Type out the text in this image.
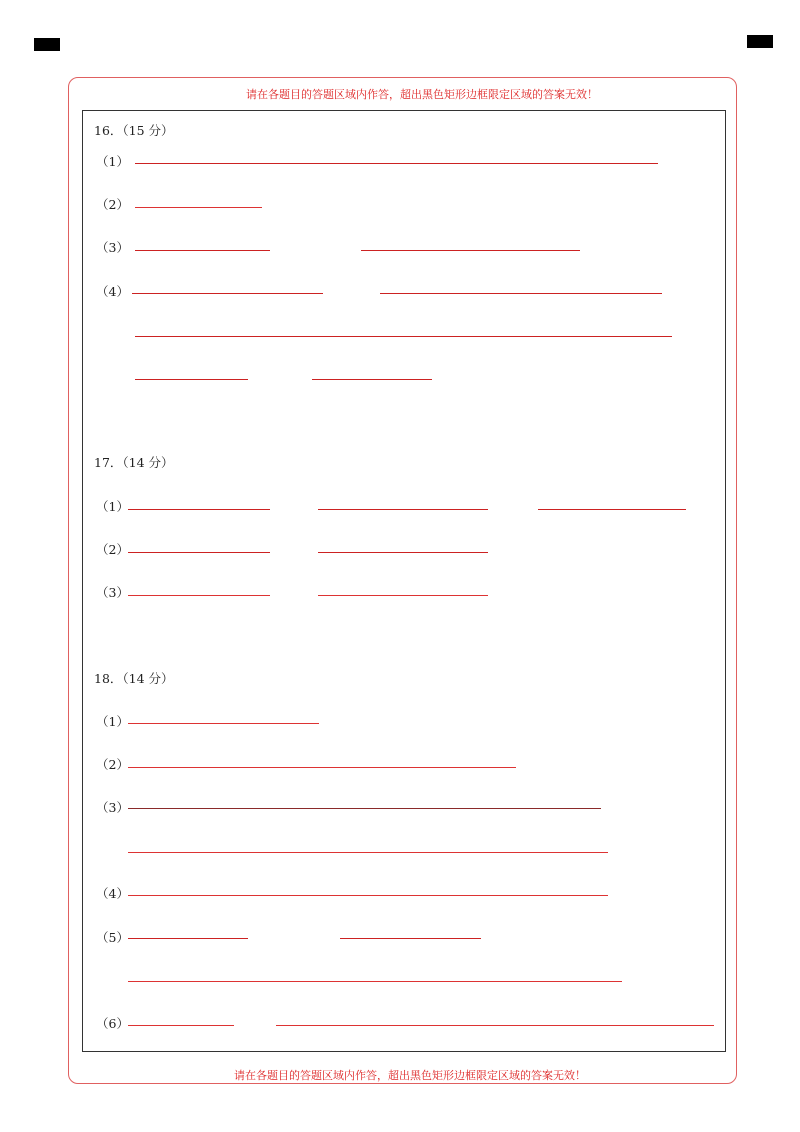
请在各题目的答题区域内作答，超出黑色矩形边框限定区域的答案无效！
请在各题目的答题区域内作答，超出黑色矩形边框限定区域的答案无效！
16．（15 分）
（1）
（2）
（3）
（4）
17．（14 分）
（1）
（2）
（3）
18．（14 分）
（1）
（2）
（3）
（4）
（5）
（6）
